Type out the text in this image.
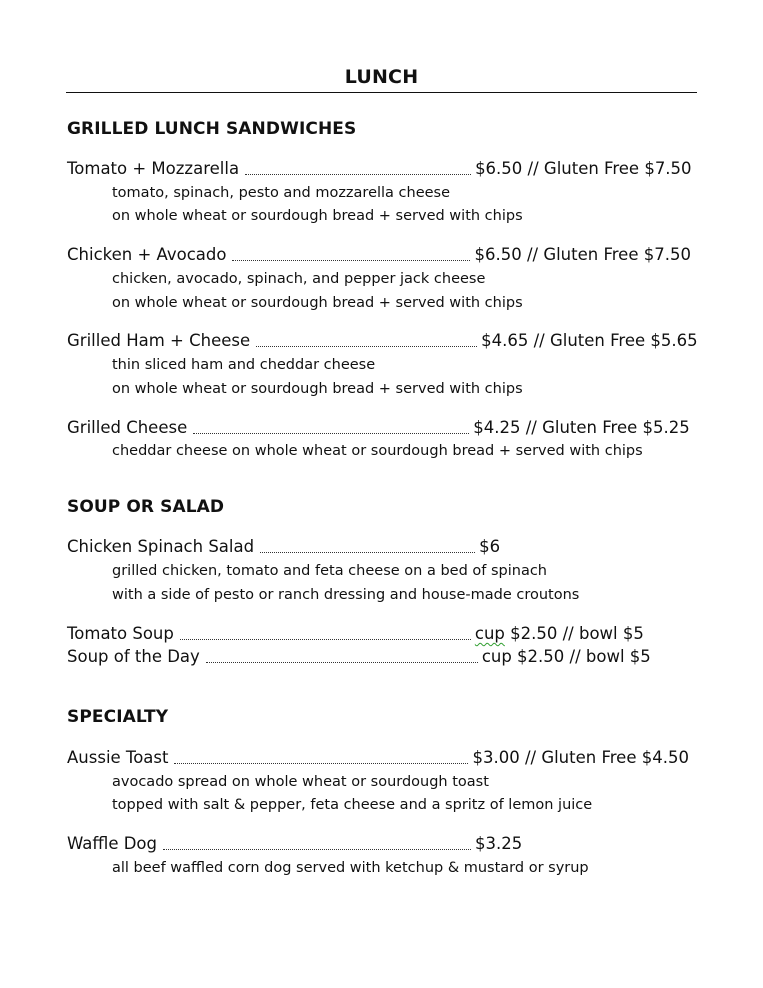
LUNCH
GRILLED LUNCH SANDWICHES
Tomato + Mozzarella	$6.50 // Gluten Free $7.50
tomato, spinach, pesto and mozzarella cheese
on whole wheat or sourdough bread + served with chips
Chicken + Avocado	$6.50 // Gluten Free $7.50
chicken, avocado, spinach, and pepper jack cheese
on whole wheat or sourdough bread + served with chips
Grilled Ham + Cheese	$4.65 // Gluten Free $5.65
thin sliced ham and cheddar cheese
on whole wheat or sourdough bread + served with chips
Grilled Cheese	$4.25 // Gluten Free $5.25
cheddar cheese on whole wheat or sourdough bread + served with chips
SOUP OR SALAD
Chicken Spinach Salad	$6
grilled chicken, tomato and feta cheese on a bed of spinach
with a side of pesto or ranch dressing and house-made croutons
Tomato Soup	cup $2.50 // bowl $5
Soup of the Day	cup $2.50 // bowl $5
SPECIALTY
Aussie Toast	$3.00 // Gluten Free $4.50
avocado spread on whole wheat or sourdough toast
topped with salt & pepper, feta cheese and a spritz of lemon juice
Waffle Dog	$3.25
all beef waffled corn dog served with ketchup & mustard or syrup
